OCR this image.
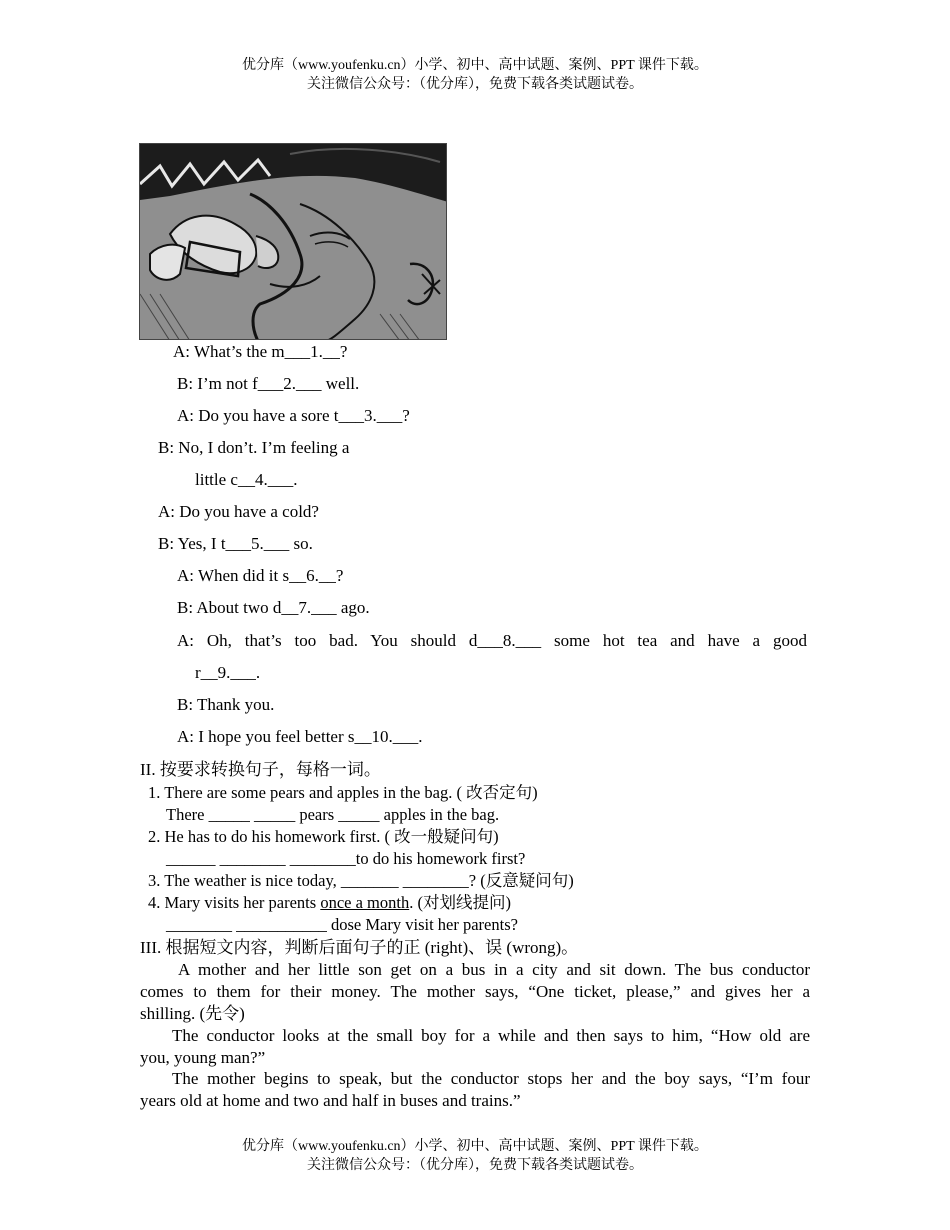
优分库（www.youfenku.cn）小学、初中、高中试题、案例、PPT 课件下载。
关注微信公众号：（优分库），免费下载各类试题试卷。
A: What’s the m___1.__?
B: I’m not f___2.___ well.
A: Do you have a sore t___3.___?
B: No, I don’t. I’m feeling a
little c__4.___.
A: Do you have a cold?
B: Yes, I t___5.___ so.
A: When did it s__6.__?
B: About two d__7.___ ago.
A: Oh, that’s too bad. You should d___8.___ some hot tea and have a good
r__9.___.
B: Thank you.
A: I hope you feel better s__10.___.
II. 按要求转换句子，每格一词。
1. There are some pears and apples in the bag. ( 改否定句)
There _____ _____ pears _____ apples in the bag.
2. He has to do his homework first. ( 改一般疑问句)
______ ________ ________to do his homework first?
3. The weather is nice today, _______ ________? (反意疑问句)
4. Mary visits her parents once a month. (对划线提问)
________ ___________ dose Mary visit her parents?
III. 根据短文内容，判断后面句子的正 (right)、误 (wrong)。
A mother and her little son get on a bus in a city and sit down. The bus conductor
comes to them for their money. The mother says, “One ticket, please,” and gives her a
shilling. (先令)
The conductor looks at the small boy for a while and then says to him, “How old are
you, young man?”
The mother begins to speak, but the conductor stops her and the boy says, “I’m four
years old at home and two and half in buses and trains.”
优分库（www.youfenku.cn）小学、初中、高中试题、案例、PPT 课件下载。
关注微信公众号：（优分库），免费下载各类试题试卷。
